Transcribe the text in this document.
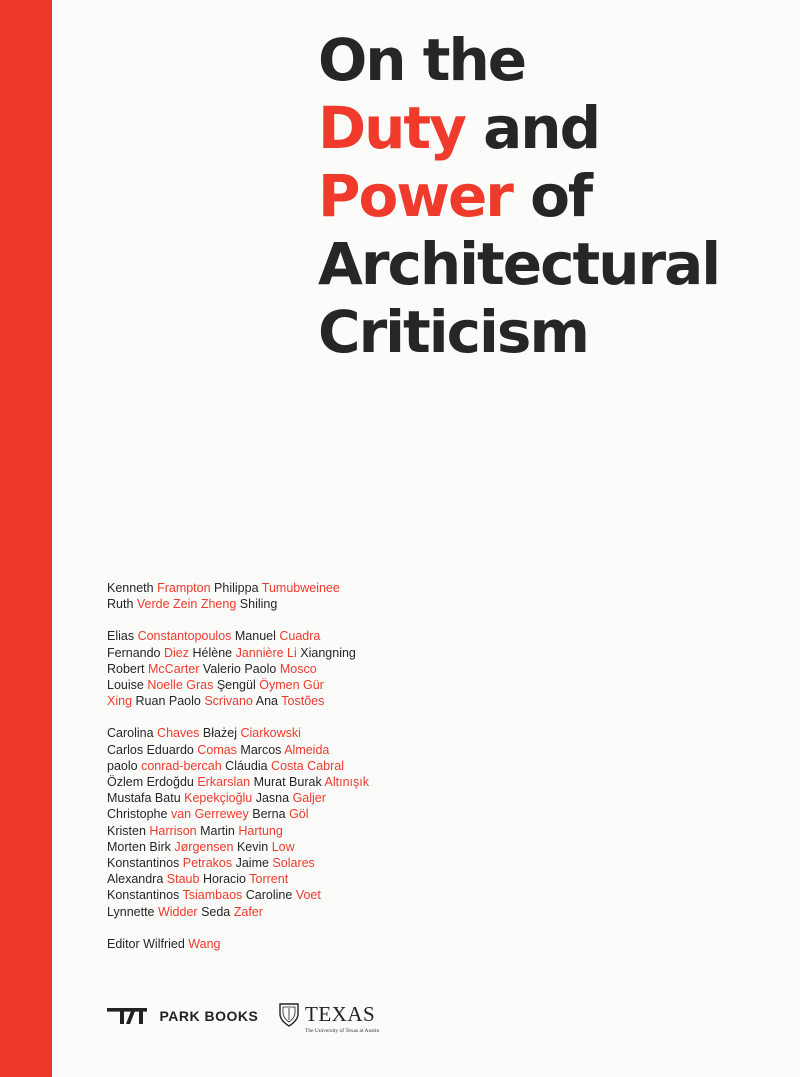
On the
Duty and
Power of
Architectural
Criticism
Kenneth Frampton Philippa Tumubweinee
Ruth Verde Zein Zheng Shiling
Elias Constantopoulos Manuel Cuadra
Fernando Diez Hélène Jannière Li Xiangning
Robert McCarter Valerio Paolo Mosco
Louise Noelle Gras Şengül Öymen Gür
Xing Ruan Paolo Scrivano Ana Tostões
Carolina Chaves Błażej Ciarkowski
Carlos Eduardo Comas Marcos Almeida
paolo conrad-bercah Cláudia Costa Cabral
Özlem Erdoğdu Erkarslan Murat Burak Altınışık
Mustafa Batu Kepekçioğlu Jasna Galjer
Christophe van Gerrewey Berna Göl
Kristen Harrison Martin Hartung
Morten Birk Jørgensen Kevin Low
Konstantinos Petrakos Jaime Solares
Alexandra Staub Horacio Torrent
Konstantinos Tsiambaos Caroline Voet
Lynnette Widder Seda Zafer
Editor Wilfried Wang
PARK BOOKS TEXAS
The University of Texas at Austin
